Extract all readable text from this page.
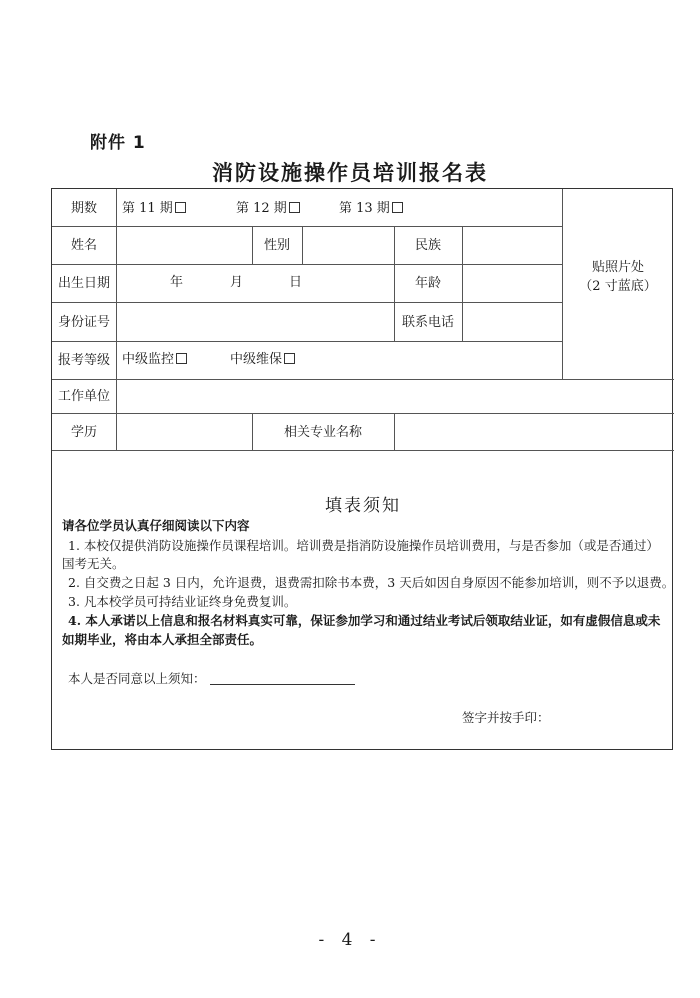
附件 1
消防设施操作员培训报名表
期数 第 11 期	第 12 期	第 13 期
姓名	性别	民族
出生日期	年	月	日	年龄
身份证号	联系电话
报考等级 中级监控	中级维保
贴照片处
（2 寸蓝底）
工作单位
学历	相关专业名称
填表须知
请各位学员认真仔细阅读以下内容
1. 本校仅提供消防设施操作员课程培训。培训费是指消防设施操作员培训费用，与是否参加（或是否通过）
国考无关。
2. 自交费之日起 3 日内，允许退费，退费需扣除书本费，3 天后如因自身原因不能参加培训，则不予以退费。
3. 凡本校学员可持结业证终身免费复训。
4. 本人承诺以上信息和报名材料真实可靠，保证参加学习和通过结业考试后领取结业证，如有虚假信息或未
如期毕业，将由本人承担全部责任。
本人是否同意以上须知：
签字并按手印：
- 4 -
